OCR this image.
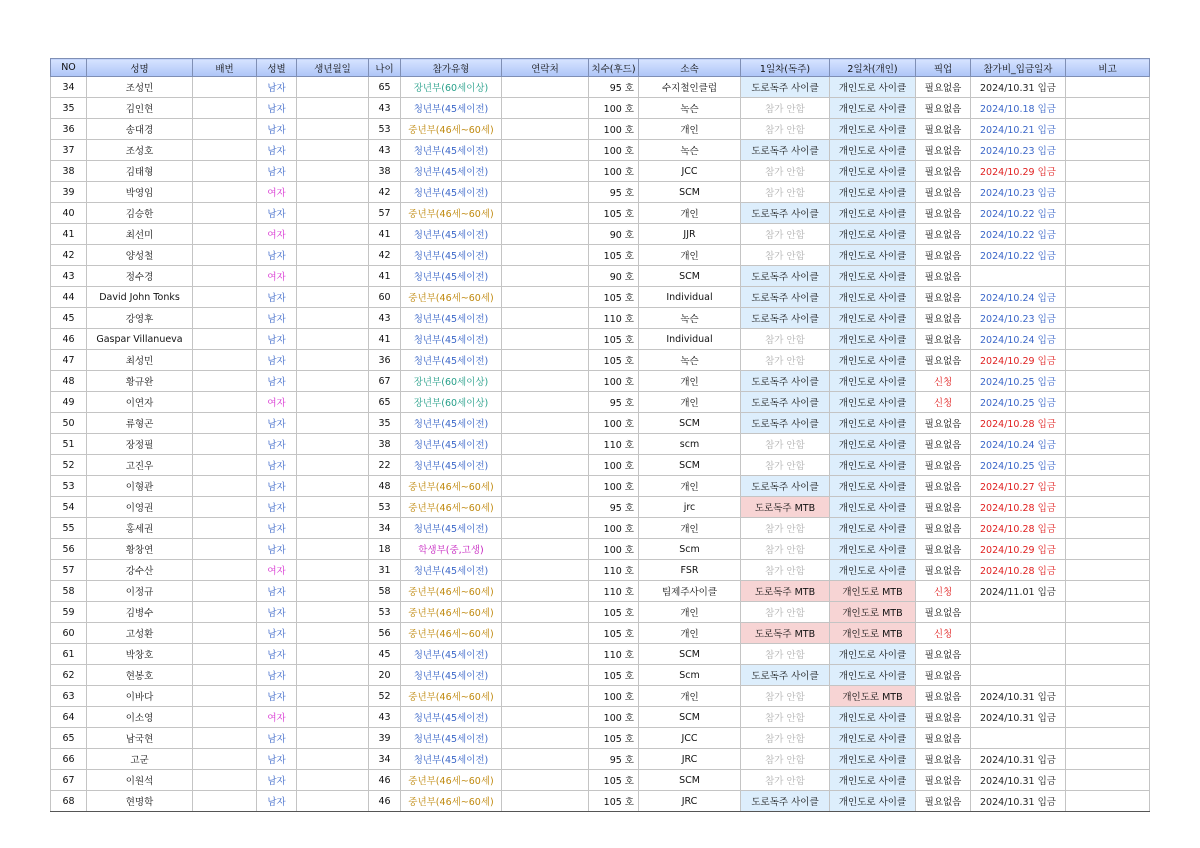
NO	성명	배번	성별	생년월일	나이	참가유형	연락처	치수(후드)	소속	1일차(독주)	2일차(개인)	픽업	참가비_입금일자	비고
34	조성민		남자		65	장년부(60세이상)		95 호	수지철인클럽	도로독주 사이클	개인도로 사이클	필요없음	2024/10.31 입금	
35	김인현		남자		43	청년부(45세이전)		100 호	녹슨	참가 안함	개인도로 사이클	필요없음	2024/10.18 입금	
36	송대경		남자		53	중년부(46세~60세)		100 호	개인	참가 안함	개인도로 사이클	필요없음	2024/10.21 입금	
37	조성호		남자		43	청년부(45세이전)		100 호	녹슨	도로독주 사이클	개인도로 사이클	필요없음	2024/10.23 입금	
38	김태형		남자		38	청년부(45세이전)		100 호	JCC	참가 안함	개인도로 사이클	필요없음	2024/10.29 입금	
39	박영임		여자		42	청년부(45세이전)		95 호	SCM	참가 안함	개인도로 사이클	필요없음	2024/10.23 입금	
40	김승한		남자		57	중년부(46세~60세)		105 호	개인	도로독주 사이클	개인도로 사이클	필요없음	2024/10.22 입금	
41	최선미		여자		41	청년부(45세이전)		90 호	JJR	참가 안함	개인도로 사이클	필요없음	2024/10.22 입금	
42	양성철		남자		42	청년부(45세이전)		105 호	개인	참가 안함	개인도로 사이클	필요없음	2024/10.22 입금	
43	정수경		여자		41	청년부(45세이전)		90 호	SCM	도로독주 사이클	개인도로 사이클	필요없음		
44	David John Tonks		남자		60	중년부(46세~60세)		105 호	Individual	도로독주 사이클	개인도로 사이클	필요없음	2024/10.24 입금	
45	강영후		남자		43	청년부(45세이전)		110 호	녹슨	도로독주 사이클	개인도로 사이클	필요없음	2024/10.23 입금	
46	Gaspar Villanueva		남자		41	청년부(45세이전)		105 호	Individual	참가 안함	개인도로 사이클	필요없음	2024/10.24 입금	
47	최성민		남자		36	청년부(45세이전)		105 호	녹슨	참가 안함	개인도로 사이클	필요없음	2024/10.29 입금	
48	황규완		남자		67	장년부(60세이상)		100 호	개인	도로독주 사이클	개인도로 사이클	신청	2024/10.25 입금	
49	이연자		여자		65	장년부(60세이상)		95 호	개인	도로독주 사이클	개인도로 사이클	신청	2024/10.25 입금	
50	류형곤		남자		35	청년부(45세이전)		100 호	SCM	도로독주 사이클	개인도로 사이클	필요없음	2024/10.28 입금	
51	장정필		남자		38	청년부(45세이전)		110 호	scm	참가 안함	개인도로 사이클	필요없음	2024/10.24 입금	
52	고진우		남자		22	청년부(45세이전)		100 호	SCM	참가 안함	개인도로 사이클	필요없음	2024/10.25 입금	
53	이형관		남자		48	중년부(46세~60세)		100 호	개인	도로독주 사이클	개인도로 사이클	필요없음	2024/10.27 입금	
54	이영권		남자		53	중년부(46세~60세)		95 호	jrc	도로독주 MTB	개인도로 사이클	필요없음	2024/10.28 입금	
55	홍세권		남자		34	청년부(45세이전)		100 호	개인	참가 안함	개인도로 사이클	필요없음	2024/10.28 입금	
56	황창연		남자		18	학생부(중,고생)		100 호	Scm	참가 안함	개인도로 사이클	필요없음	2024/10.29 입금	
57	강수산		여자		31	청년부(45세이전)		110 호	FSR	참가 안함	개인도로 사이클	필요없음	2024/10.28 입금	
58	이정규		남자		58	중년부(46세~60세)		110 호	팀제주사이클	도로독주 MTB	개인도로 MTB	신청	2024/11.01 입금	
59	김병수		남자		53	중년부(46세~60세)		105 호	개인	참가 안함	개인도로 MTB	필요없음		
60	고성환		남자		56	중년부(46세~60세)		105 호	개인	도로독주 MTB	개인도로 MTB	신청		
61	박창호		남자		45	청년부(45세이전)		110 호	SCM	참가 안함	개인도로 사이클	필요없음		
62	현봉호		남자		20	청년부(45세이전)		105 호	Scm	도로독주 사이클	개인도로 사이클	필요없음		
63	이바다		남자		52	중년부(46세~60세)		100 호	개인	참가 안함	개인도로 MTB	필요없음	2024/10.31 입금	
64	이소영		여자		43	청년부(45세이전)		100 호	SCM	참가 안함	개인도로 사이클	필요없음	2024/10.31 입금	
65	남국현		남자		39	청년부(45세이전)		105 호	JCC	참가 안함	개인도로 사이클	필요없음		
66	고군		남자		34	청년부(45세이전)		95 호	JRC	참가 안함	개인도로 사이클	필요없음	2024/10.31 입금	
67	이원석		남자		46	중년부(46세~60세)		105 호	SCM	참가 안함	개인도로 사이클	필요없음	2024/10.31 입금	
68	현명학		남자		46	중년부(46세~60세)		105 호	JRC	도로독주 사이클	개인도로 사이클	필요없음	2024/10.31 입금	
